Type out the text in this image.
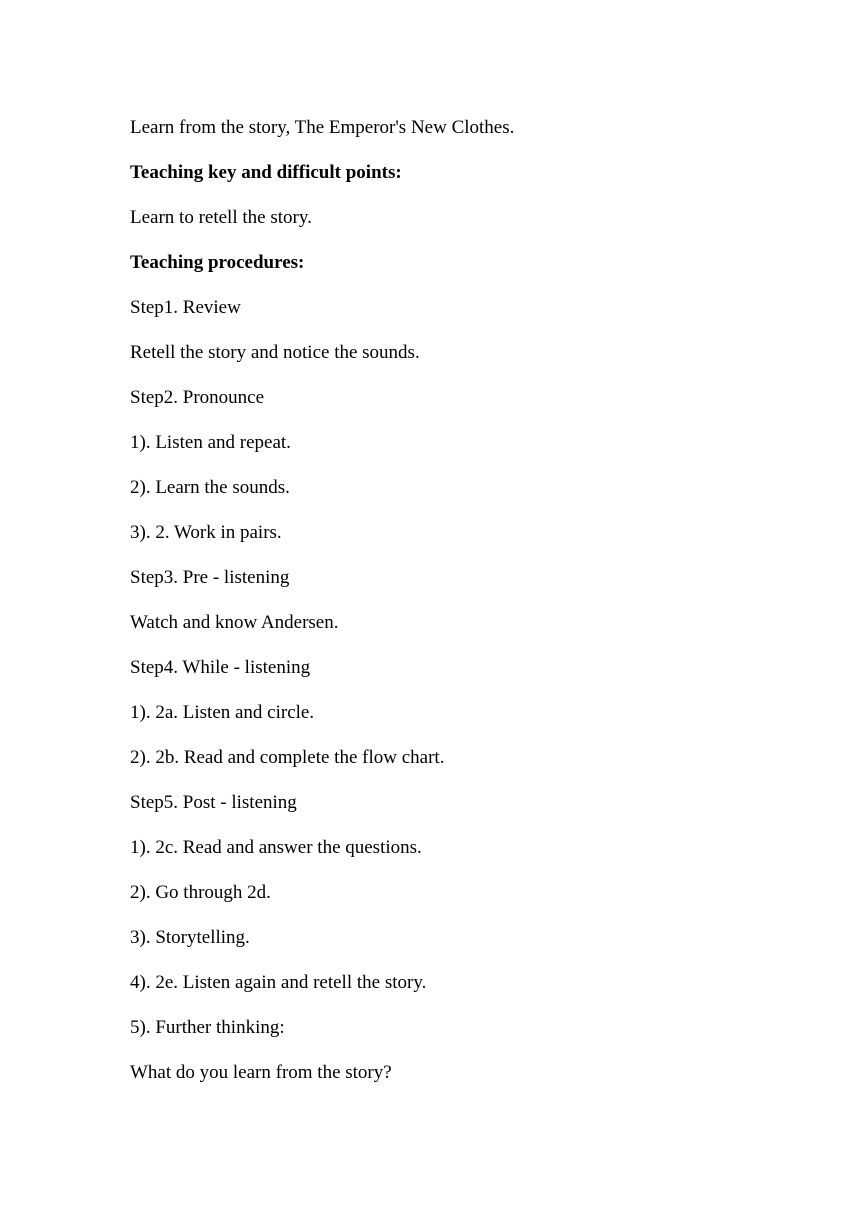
Learn from the story, The Emperor's New Clothes.
Teaching key and difficult points:
Learn to retell the story.
Teaching procedures:
Step1. Review
Retell the story and notice the sounds.
Step2. Pronounce
1). Listen and repeat.
2). Learn the sounds.
3). 2. Work in pairs.
Step3. Pre - listening
Watch and know Andersen.
Step4. While - listening
1). 2a. Listen and circle.
2). 2b. Read and complete the flow chart.
Step5. Post - listening
1). 2c. Read and answer the questions.
2). Go through 2d.
3). Storytelling.
4). 2e. Listen again and retell the story.
5). Further thinking:
What do you learn from the story?
